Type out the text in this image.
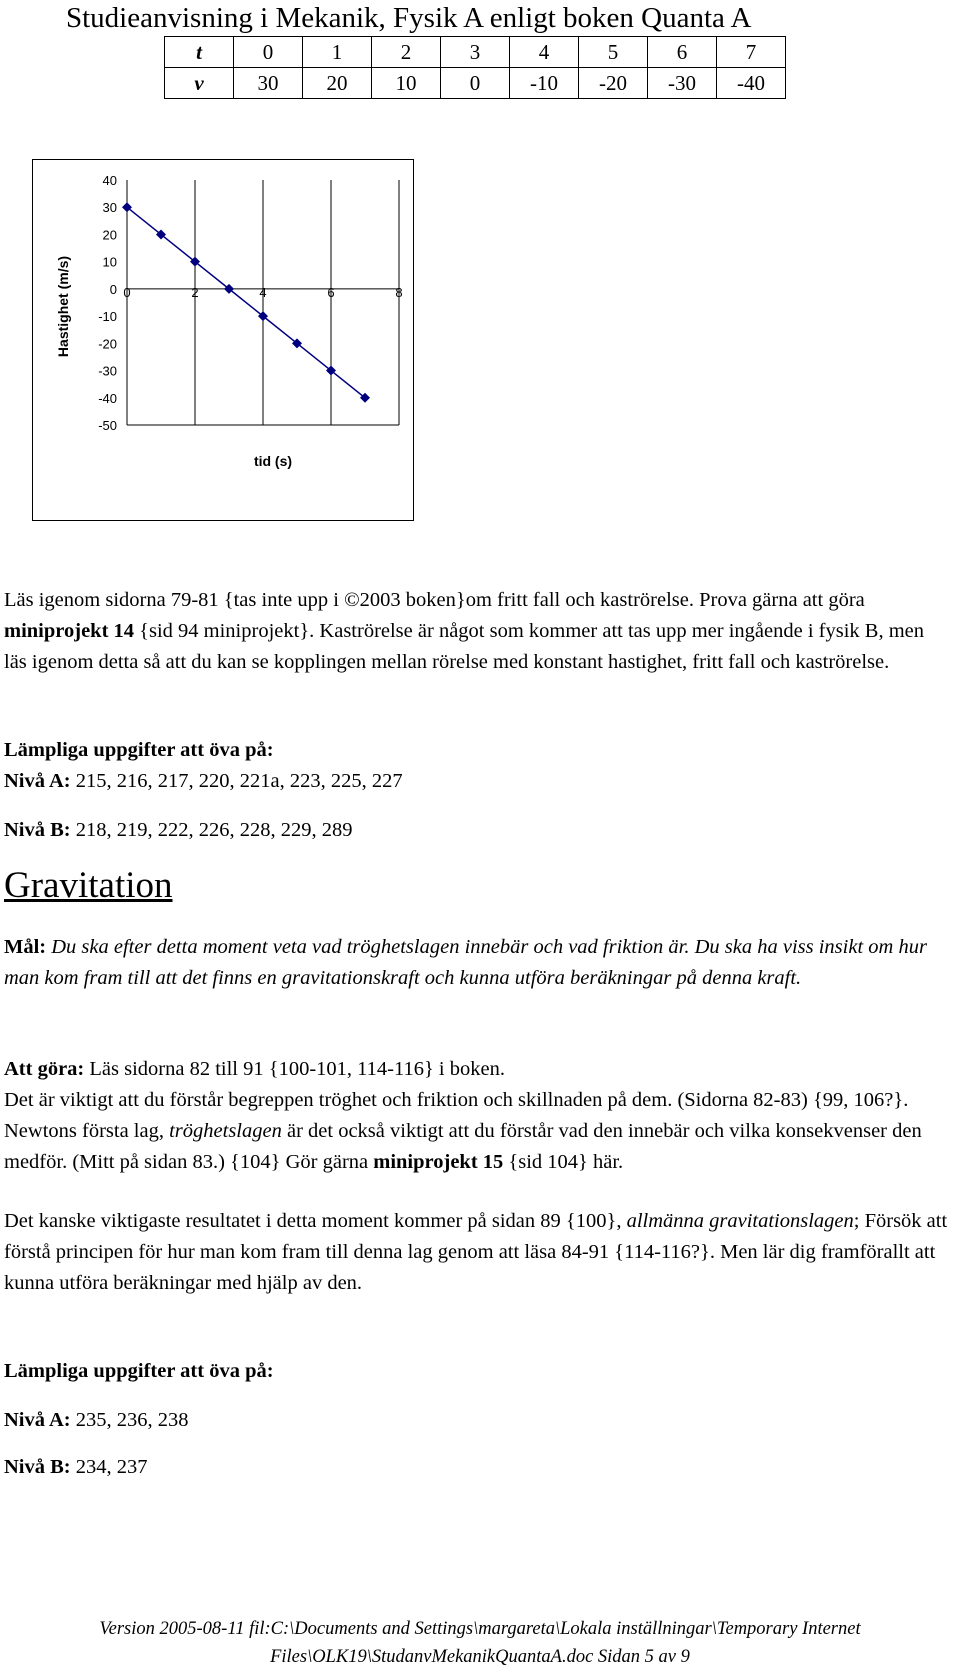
Studieanvisning i Mekanik, Fysik A enligt boken Quanta A
t	0	1	2	3	4	5	6	7
v	30	20	10	0	-10	-20	-30	-40
40
30
20
10
0
-10
-20
-30
-40
-50
0	2	4	6	8
tid (s)
Hastighet (m/s)
Läs igenom sidorna 79-81 {tas inte upp i ©2003 boken}om fritt fall och kaströrelse. Prova gärna att göra miniprojekt 14 {sid 94 miniprojekt}. Kaströrelse är något som kommer att tas upp mer ingående i fysik B, men läs igenom detta så att du kan se kopplingen mellan rörelse med konstant hastighet, fritt fall och kaströrelse.
Lämpliga uppgifter att öva på:
Nivå A: 215, 216, 217, 220, 221a, 223, 225, 227
Nivå B: 218, 219, 222, 226, 228, 229, 289
Gravitation
Mål: Du ska efter detta moment veta vad tröghetslagen innebär och vad friktion är. Du ska ha viss insikt om hur man kom fram till att det finns en gravitationskraft och kunna utföra beräkningar på denna kraft.
Att göra: Läs sidorna 82 till 91 {100-101, 114-116} i boken.
Det är viktigt att du förstår begreppen tröghet och friktion och skillnaden på dem. (Sidorna 82-83) {99, 106?}. Newtons första lag, tröghetslagen är det också viktigt att du förstår vad den innebär och vilka konsekvenser den medför. (Mitt på sidan 83.) {104} Gör gärna miniprojekt 15 {sid 104} här.
Det kanske viktigaste resultatet i detta moment kommer på sidan 89 {100}, allmänna gravitationslagen; Försök att förstå principen för hur man kom fram till denna lag genom att läsa 84-91 {114-116?}. Men lär dig framförallt att kunna utföra beräkningar med hjälp av den.
Lämpliga uppgifter att öva på:
Nivå A: 235, 236, 238
Nivå B: 234, 237
Version 2005-08-11 fil:C:\Documents and Settings\margareta\Lokala inställningar\Temporary Internet
Files\OLK19\StudanvMekanikQuantaA.doc Sidan 5 av 9
